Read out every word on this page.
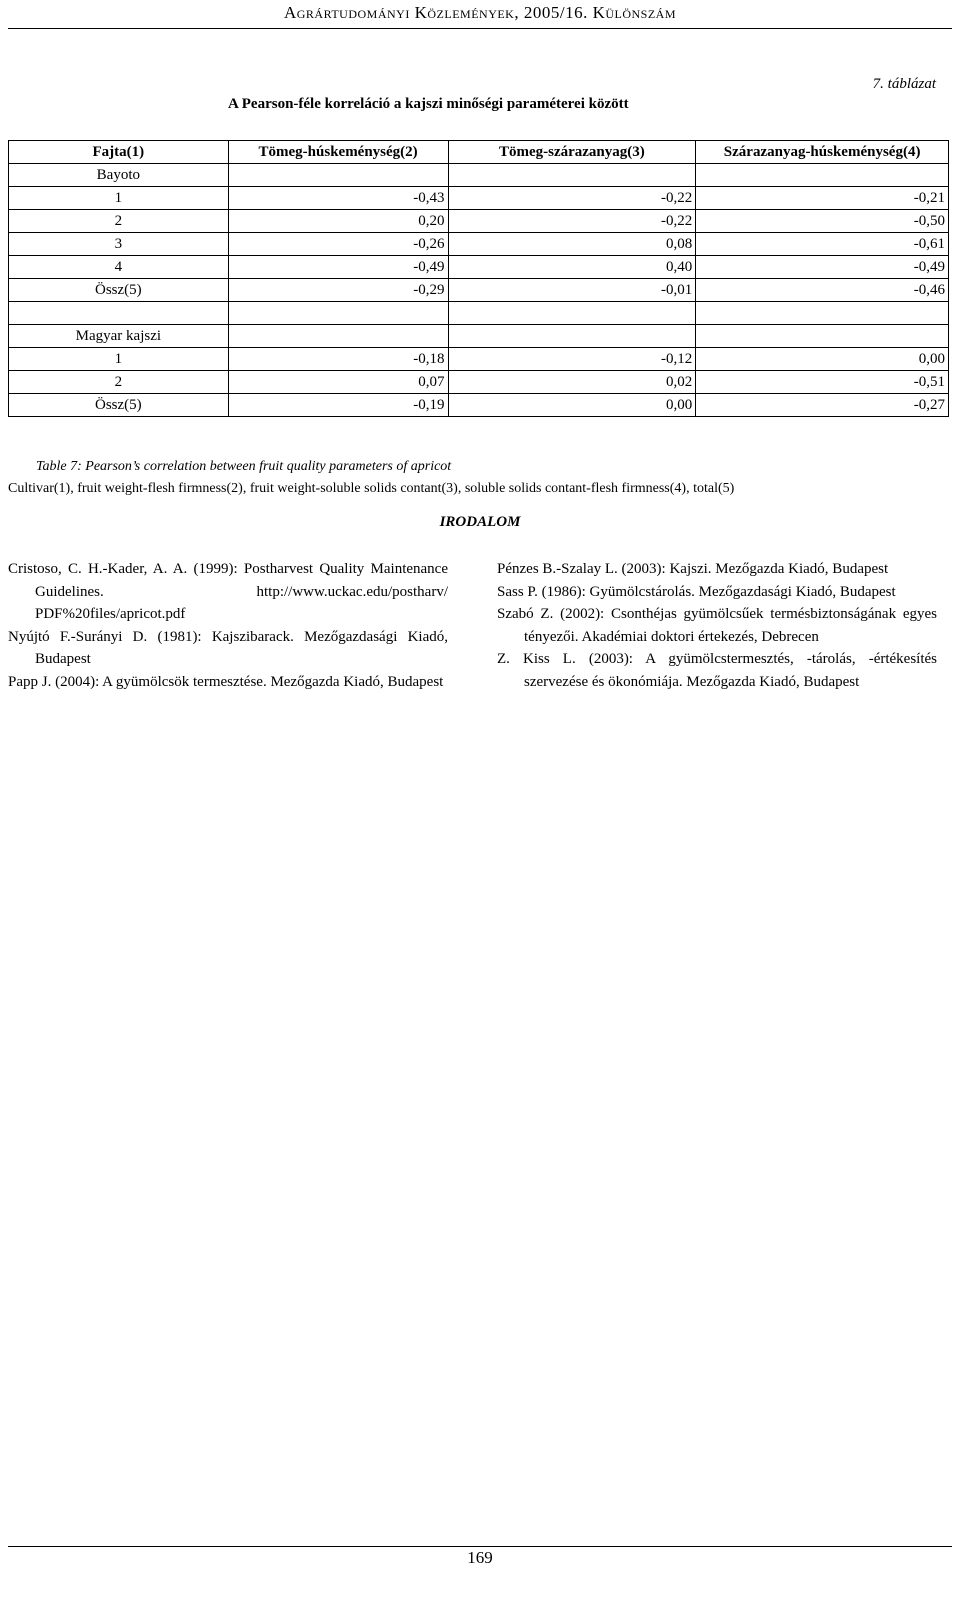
Agrártudományi Közlemények, 2005/16. Különszám
7. táblázat
A Pearson-féle korreláció a kajszi minőségi paraméterei között
Fajta(1)	Tömeg-húskeménység(2)	Tömeg-szárazanyag(3)	Szárazanyag-húskeménység(4)
Bayoto			
1	-0,43	-0,22	-0,21
2	0,20	-0,22	-0,50
3	-0,26	0,08	-0,61
4	-0,49	0,40	-0,49
Össz(5)	-0,29	-0,01	-0,46

Magyar kajszi			
1	-0,18	-0,12	0,00
2	0,07	0,02	-0,51
Össz(5)	-0,19	0,00	-0,27
Table 7: Pearson’s correlation between fruit quality parameters of apricot
Cultivar(1), fruit weight-flesh firmness(2), fruit weight-soluble solids contant(3), soluble solids contant-flesh firmness(4), total(5)
IRODALOM

Cristoso, C. H.-Kader, A. A. (1999): Postharvest Quality Maintenance Guidelines. http://www.uckac.edu/postharv/ PDF%20files/apricot.pdf

Nyújtó F.-Surányi D. (1981): Kajszibarack. Mezőgazdasági Kiadó, Budapest

Papp J. (2004): A gyümölcsök termesztése. Mezőgazda Kiadó, Budapest

Pénzes B.-Szalay L. (2003): Kajszi. Mezőgazda Kiadó, Budapest

Sass P. (1986): Gyümölcstárolás. Mezőgazdasági Kiadó, Budapest

Szabó Z. (2002): Csonthéjas gyümölcsűek termésbiztonságának egyes tényezői. Akadémiai doktori értekezés, Debrecen

Z. Kiss L. (2003): A gyümölcstermesztés, -tárolás, -értékesítés szervezése és ökonómiája. Mezőgazda Kiadó, Budapest

169
